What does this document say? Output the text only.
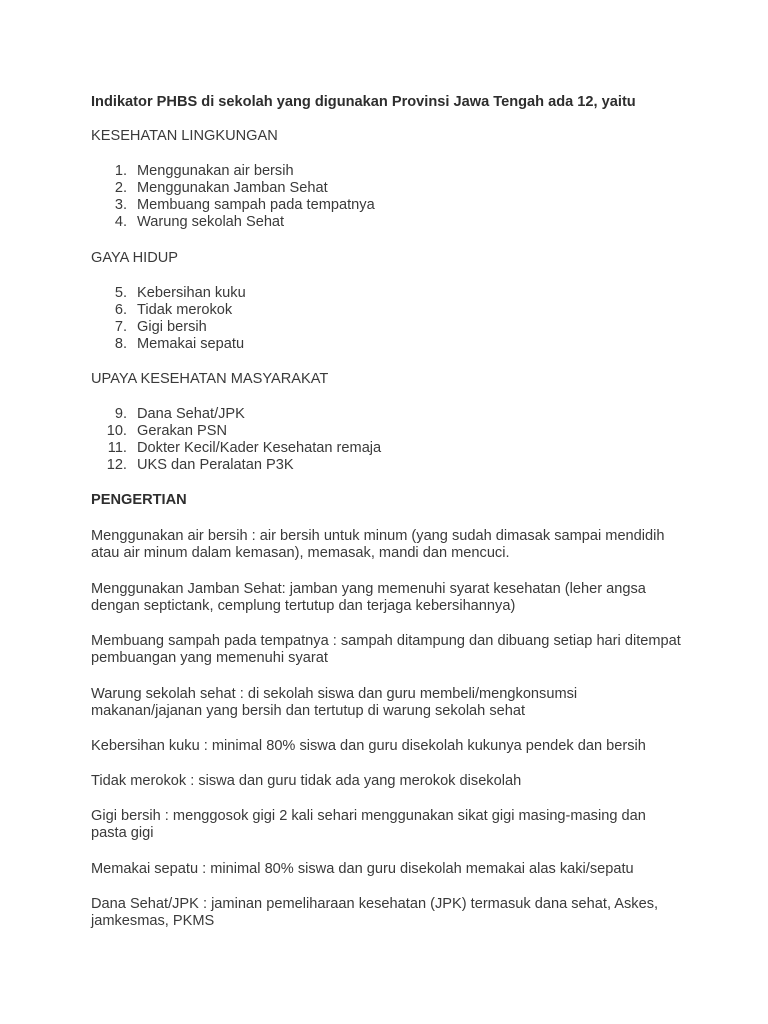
Indikator PHBS di sekolah yang digunakan Provinsi Jawa Tengah ada 12, yaitu
KESEHATAN LINGKUNGAN
1. Menggunakan air bersih
2. Menggunakan Jamban Sehat
3. Membuang sampah pada tempatnya
4. Warung sekolah Sehat
GAYA HIDUP
5. Kebersihan kuku
6. Tidak merokok
7. Gigi bersih
8. Memakai sepatu
UPAYA KESEHATAN MASYARAKAT
9. Dana Sehat/JPK
10. Gerakan PSN
11. Dokter Kecil/Kader Kesehatan remaja
12. UKS dan Peralatan P3K
PENGERTIAN
Menggunakan air bersih : air bersih untuk minum (yang sudah dimasak sampai mendidih
atau air minum dalam kemasan), memasak, mandi dan mencuci.
Menggunakan Jamban Sehat: jamban yang memenuhi syarat kesehatan (leher angsa
dengan septictank, cemplung tertutup dan terjaga kebersihannya)
Membuang sampah pada tempatnya : sampah ditampung dan dibuang setiap hari ditempat
pembuangan yang memenuhi syarat
Warung sekolah sehat : di sekolah siswa dan guru membeli/mengkonsumsi
makanan/jajanan yang bersih dan tertutup di warung sekolah sehat
Kebersihan kuku : minimal 80% siswa dan guru disekolah kukunya pendek dan bersih
Tidak merokok : siswa dan guru tidak ada yang merokok disekolah
Gigi bersih : menggosok gigi 2 kali sehari menggunakan sikat gigi masing-masing dan
pasta gigi
Memakai sepatu : minimal 80% siswa dan guru disekolah memakai alas kaki/sepatu
Dana Sehat/JPK : jaminan pemeliharaan kesehatan (JPK) termasuk dana sehat, Askes,
jamkesmas, PKMS
